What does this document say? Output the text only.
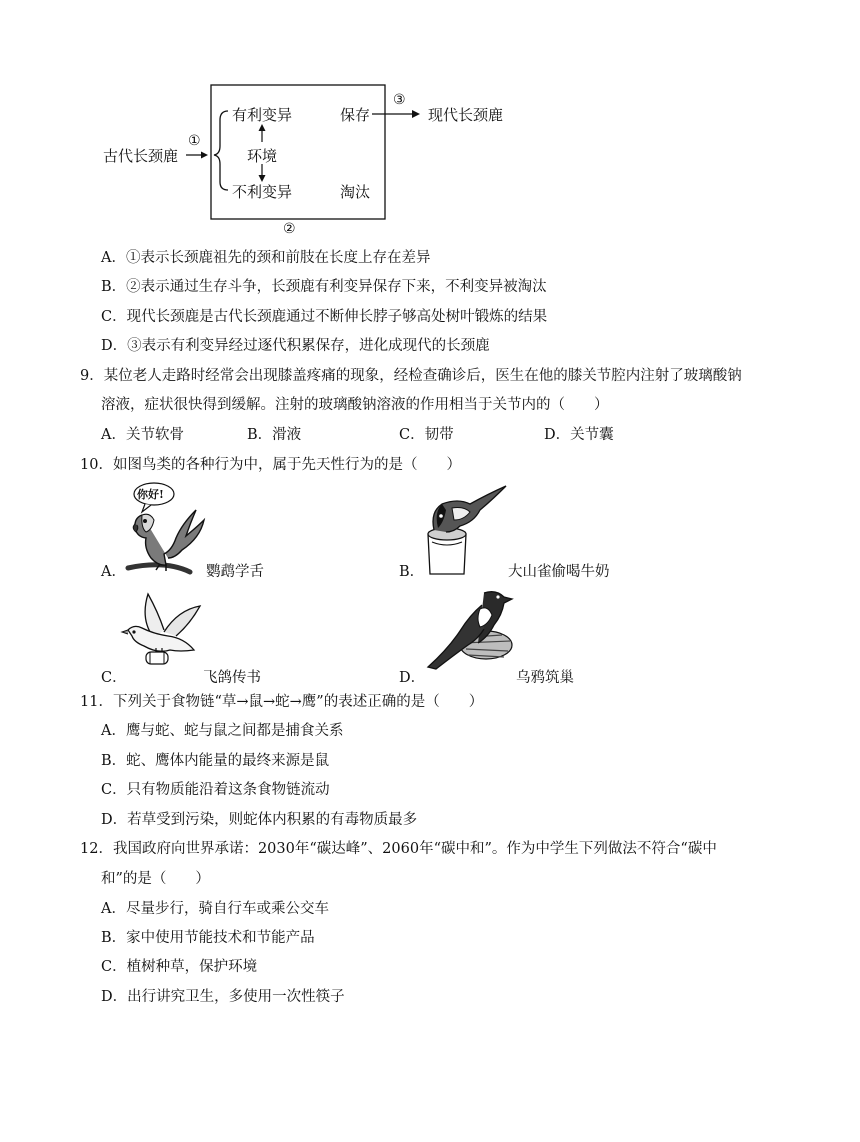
古代长颈鹿
①
有利变异
环境
不利变异
保存
淘汰
③
现代长颈鹿
②
A．①表示长颈鹿祖先的颈和前肢在长度上存在差异
B．②表示通过生存斗争，长颈鹿有利变异保存下来，不利变异被淘汰
C．现代长颈鹿是古代长颈鹿通过不断伸长脖子够高处树叶锻炼的结果
D．③表示有利变异经过逐代积累保存，进化成现代的长颈鹿
9．某位老人走路时经常会出现膝盖疼痛的现象，经检查确诊后，医生在他的膝关节腔内注射了玻璃酸钠
溶液，症状很快得到缓解。注射的玻璃酸钠溶液的作用相当于关节内的（　　）
A．关节软骨	B．滑液	C．韧带	D．关节囊
10．如图鸟类的各种行为中，属于先天性行为的是（　　）
A．
你好!
鹦鹉学舌	B．	大山雀偷喝牛奶
C．	飞鸽传书	D．	乌鸦筑巢
11．下列关于食物链“草→鼠→蛇→鹰”的表述正确的是（　　）
A．鹰与蛇、蛇与鼠之间都是捕食关系
B．蛇、鹰体内能量的最终来源是鼠
C．只有物质能沿着这条食物链流动
D．若草受到污染，则蛇体内积累的有毒物质最多
12．我国政府向世界承诺：2030年“碳达峰”、2060年“碳中和”。作为中学生下列做法不符合“碳中
和”的是（　　）
A．尽量步行，骑自行车或乘公交车
B．家中使用节能技术和节能产品
C．植树种草，保护环境
D．出行讲究卫生，多使用一次性筷子
